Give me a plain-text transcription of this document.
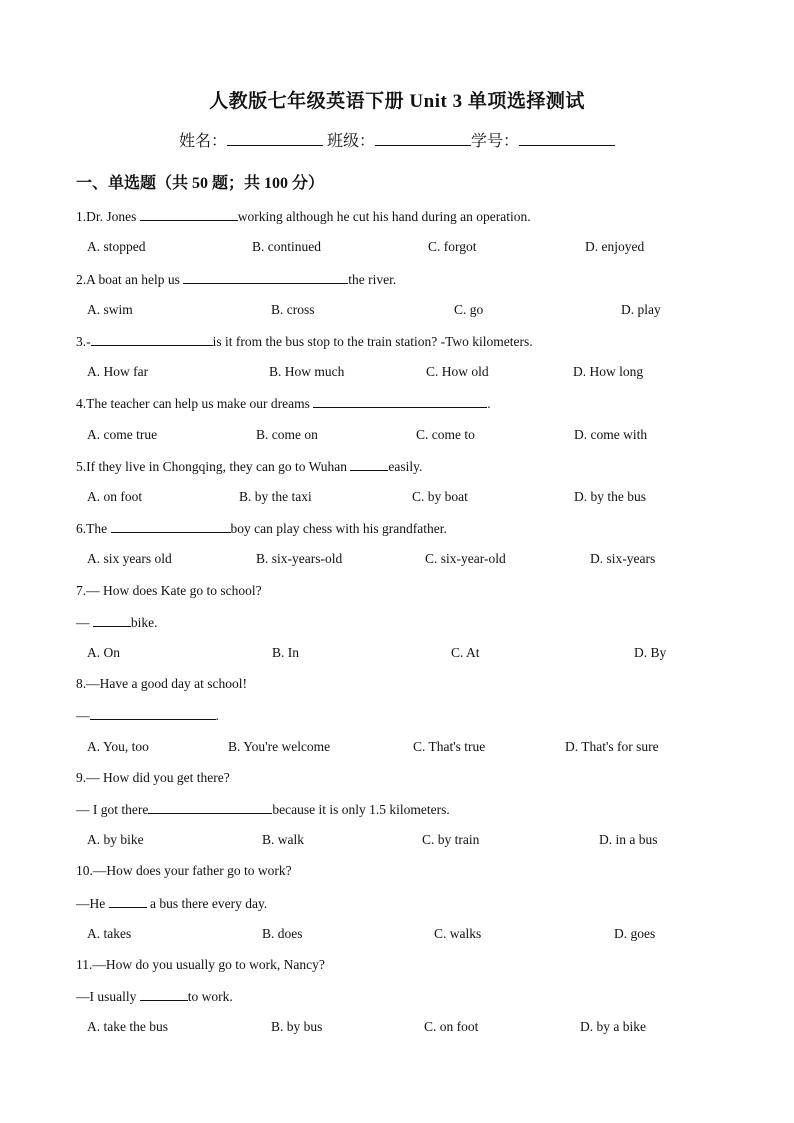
人教版七年级英语下册 Unit 3 单项选择测试
姓名：	班级：	学号：
一、单选题（共 50 题；共 100 分）
1.Dr. Jones	working although he cut his hand during an operation.
A. stopped	B. continued	C. forgot	D. enjoyed
2.A boat an help us	the river.
A. swim	B. cross	C. go	D. play
3.-	is it from the bus stop to the train station? -Two kilometers.
A. How far	B. How much	C. How old	D. How long
4.The teacher can help us make our dreams	.
A. come true	B. come on	C. come to	D. come with
5.If they live in Chongqing, they can go to Wuhan	easily.
A. on foot	B. by the taxi	C. by boat	D. by the bus
6.The	boy can play chess with his grandfather.
A. six years old	B. six-years-old	C. six-year-old	D. six-years
7.— How does Kate go to school?
—	bike.
A. On	B. In	C. At	D. By
8.—Have a good day at school!
—	.
A. You, too	B. You're welcome	C. That's true	D. That's for sure
9.— How did you get there?
— I got there	because it is only 1.5 kilometers.
A. by bike	B. walk	C. by train	D. in a bus
10.—How does your father go to work?
—He	a bus there every day.
A. takes	B. does	C. walks	D. goes
11.—How do you usually go to work, Nancy?
—I usually	to work.
A. take the bus	B. by bus	C. on foot	D. by a bike
